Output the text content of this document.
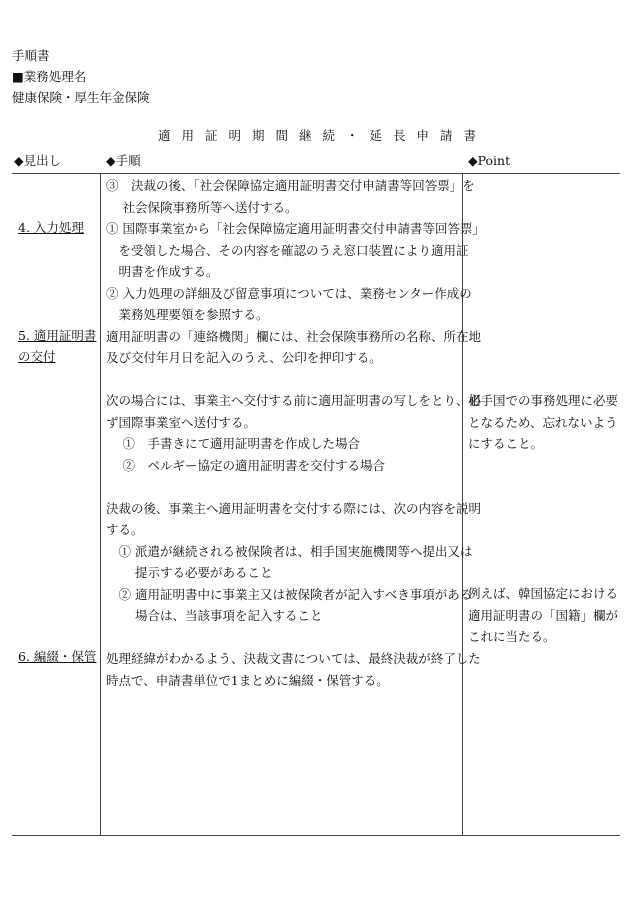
手順書
■業務処理名
健康保険・厚生年金保険
適用証明期間継続・延長申請書
◆見出し	◆手順	◆Point
4. 入力処理
5. 適用証明書
の交付
6. 編綴・保管
③　決裁の後、「社会保障協定適用証明書交付申請書等回答票」を
　 社会保険事務所等へ送付する。
① 国際事業室から「社会保障協定適用証明書交付申請書等回答票」
　を受領した場合、その内容を確認のうえ窓口装置により適用証
　明書を作成する。
② 入力処理の詳細及び留意事項については、業務センター作成の
　業務処理要領を参照する。
適用証明書の「連絡機関」欄には、社会保険事務所の名称、所在地
及び交付年月日を記入のうえ、公印を押印する。
次の場合には、事業主へ交付する前に適用証明書の写しをとり、必
ず国際事業室へ送付する。
　 ①　手書きにて適用証明書を作成した場合
　 ②　ベルギー協定の適用証明書を交付する場合
決裁の後、事業主へ適用証明書を交付する際には、次の内容を説明
する。
　① 派遣が継続される被保険者は、相手国実施機関等へ提出又は
　　 提示する必要があること
　② 適用証明書中に事業主又は被保険者が記入すべき事項がある
　　 場合は、当該事項を記入すること
処理経緯がわかるよう、決裁文書については、最終決裁が終了した
時点で、申請書単位で1まとめに編綴・保管する。
相手国での事務処理に必要
となるため、忘れないよう
にすること。
例えば、韓国協定における
適用証明書の「国籍」欄が
これに当たる。
